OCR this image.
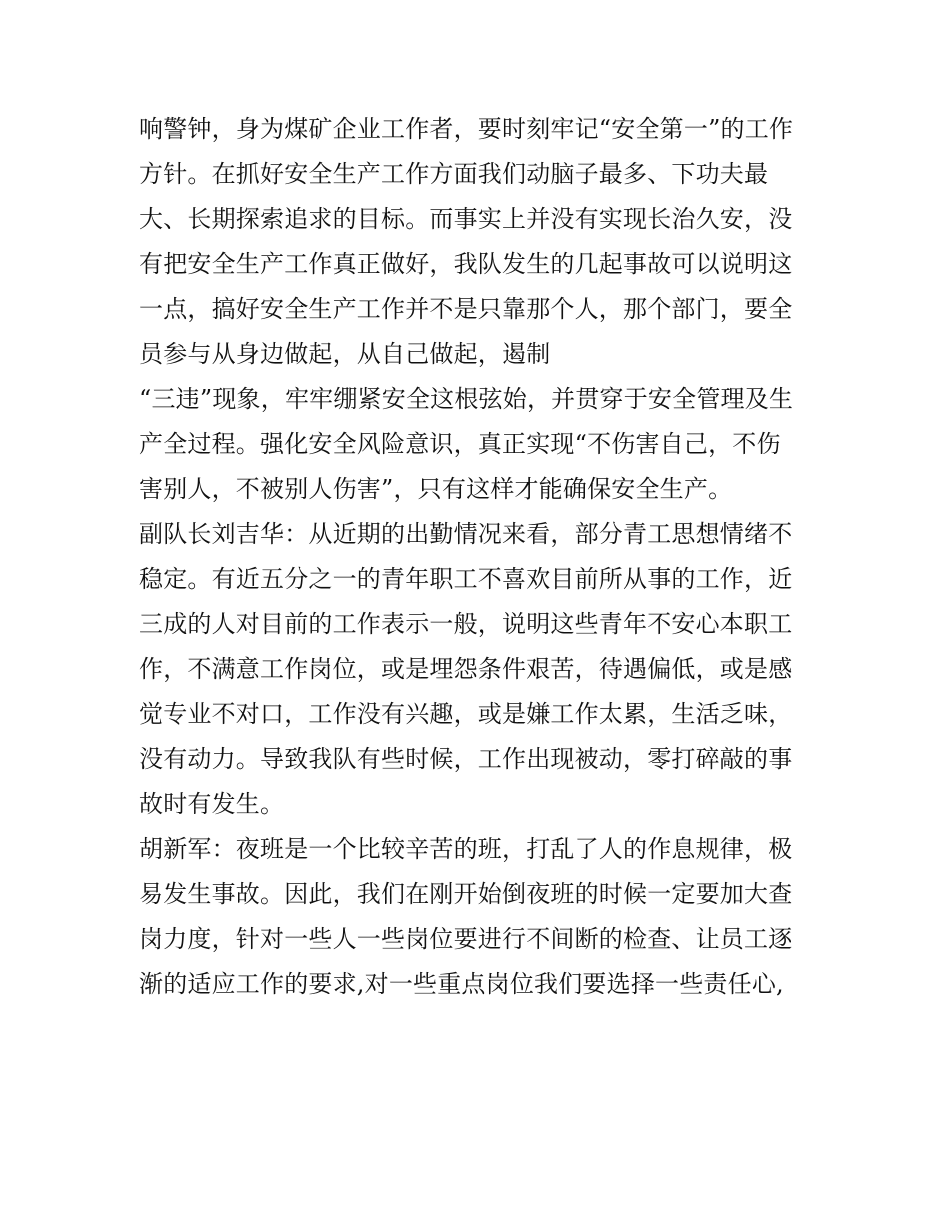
响警钟，身为煤矿企业工作者，要时刻牢记“安全第一”的工作
方针。在抓好安全生产工作方面我们动脑子最多、下功夫最
大、长期探索追求的目标。而事实上并没有实现长治久安，没
有把安全生产工作真正做好，我队发生的几起事故可以说明这
一点，搞好安全生产工作并不是只靠那个人，那个部门，要全
员参与从身边做起，从自己做起，遏制
“三违”现象，牢牢绷紧安全这根弦始，并贯穿于安全管理及生
产全过程。强化安全风险意识，真正实现“不伤害自己，不伤
害别人，不被别人伤害”，只有这样才能确保安全生产。
副队长刘吉华：从近期的出勤情况来看，部分青工思想情绪不
稳定。有近五分之一的青年职工不喜欢目前所从事的工作，近
三成的人对目前的工作表示一般，说明这些青年不安心本职工
作，不满意工作岗位，或是埋怨条件艰苦，待遇偏低，或是感
觉专业不对口，工作没有兴趣，或是嫌工作太累，生活乏味，
没有动力。导致我队有些时候，工作出现被动，零打碎敲的事
故时有发生。
胡新军：夜班是一个比较辛苦的班，打乱了人的作息规律，极
易发生事故。因此，我们在刚开始倒夜班的时候一定要加大查
岗力度，针对一些人一些岗位要进行不间断的检查、让员工逐
渐的适应工作的要求,对一些重点岗位我们要选择一些责任心,
